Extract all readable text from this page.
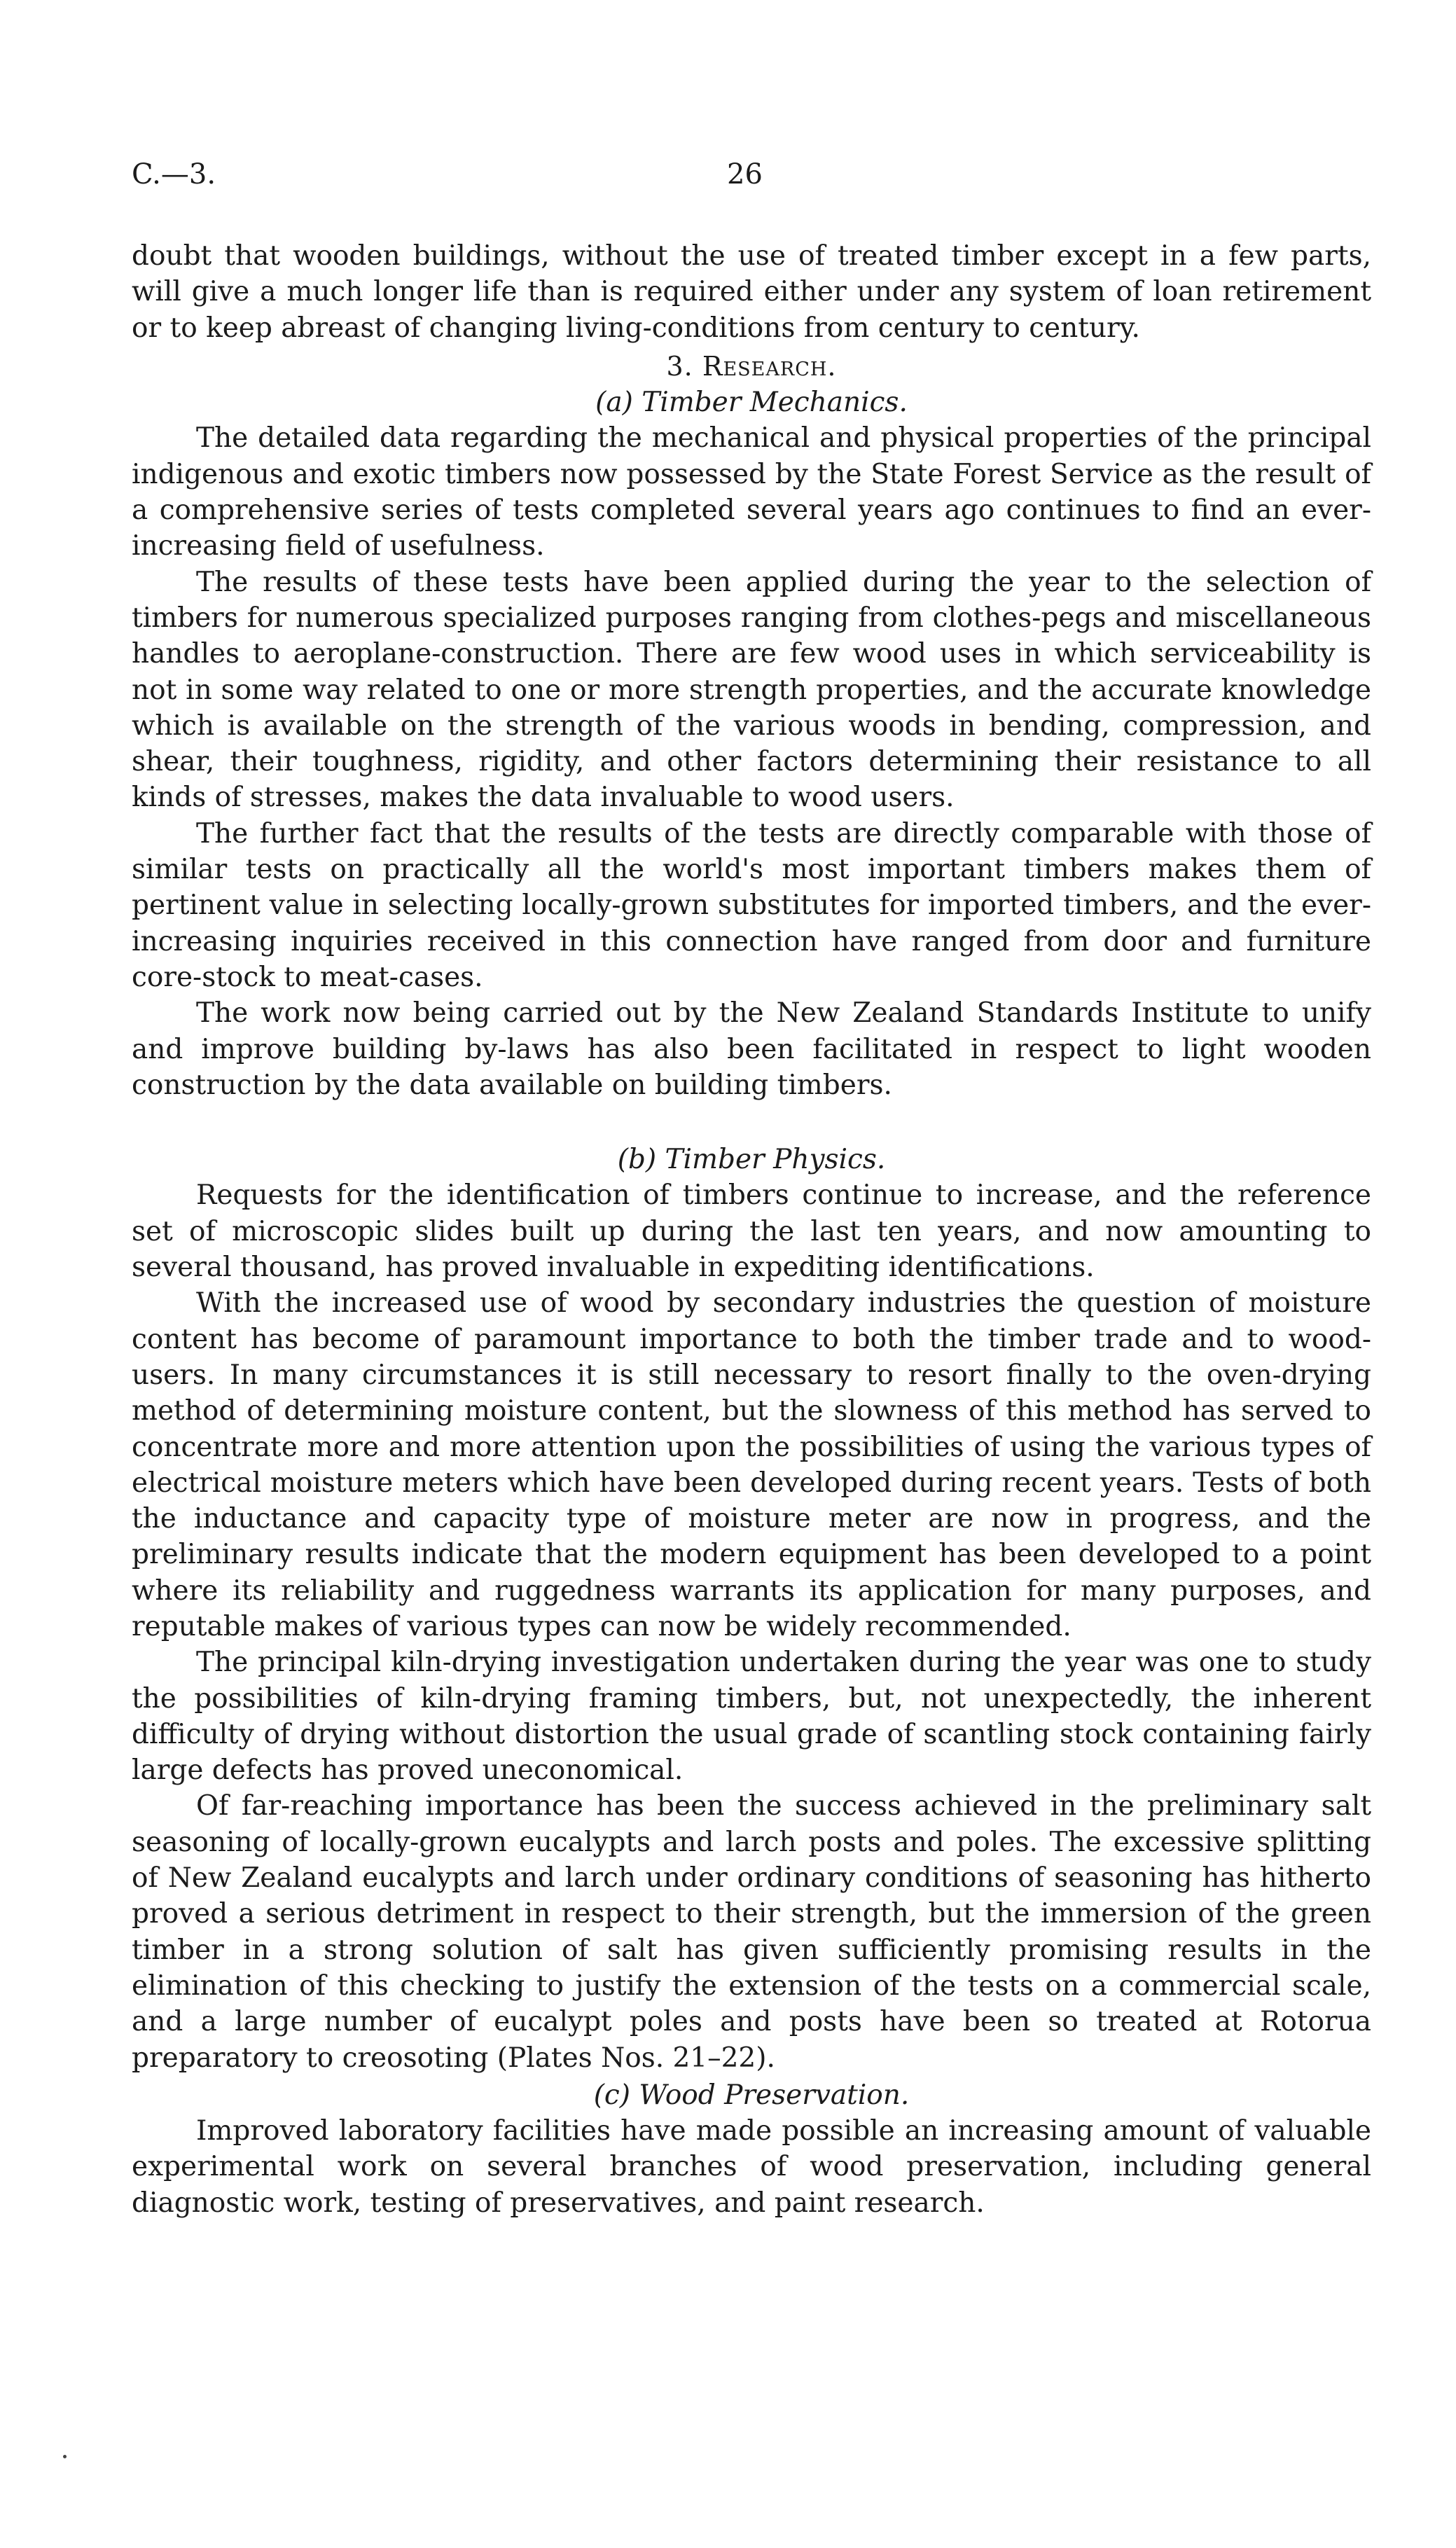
C.—3.	26

doubt that wooden buildings, without the use of treated timber except in a few parts, will give a much longer life than is required either under any system of loan retirement or to keep abreast of changing living-conditions from century to century.

3. Research.
(a) Timber Mechanics.

The detailed data regarding the mechanical and physical properties of the principal indigenous and exotic timbers now possessed by the State Forest Service as the result of a comprehensive series of tests completed several years ago continues to find an ever-increasing field of usefulness.

The results of these tests have been applied during the year to the selection of timbers for numerous specialized purposes ranging from clothes-pegs and miscellaneous handles to aeroplane-construction. There are few wood uses in which serviceability is not in some way related to one or more strength properties, and the accurate knowledge which is available on the strength of the various woods in bending, compression, and shear, their toughness, rigidity, and other factors determining their resistance to all kinds of stresses, makes the data invaluable to wood users.

The further fact that the results of the tests are directly comparable with those of similar tests on practically all the world's most important timbers makes them of pertinent value in selecting locally-grown substitutes for imported timbers, and the ever-increasing inquiries received in this connection have ranged from door and furniture core-stock to meat-cases.

The work now being carried out by the New Zealand Standards Institute to unify and improve building by-laws has also been facilitated in respect to light wooden construction by the data available on building timbers.

(b) Timber Physics.

Requests for the identification of timbers continue to increase, and the reference set of microscopic slides built up during the last ten years, and now amounting to several thousand, has proved invaluable in expediting identifications.

With the increased use of wood by secondary industries the question of moisture content has become of paramount importance to both the timber trade and to wood-users. In many circumstances it is still necessary to resort finally to the oven-drying method of determining moisture content, but the slowness of this method has served to concentrate more and more attention upon the possibilities of using the various types of electrical moisture meters which have been developed during recent years. Tests of both the inductance and capacity type of moisture meter are now in progress, and the preliminary results indicate that the modern equipment has been developed to a point where its reliability and ruggedness warrants its application for many purposes, and reputable makes of various types can now be widely recommended.

The principal kiln-drying investigation undertaken during the year was one to study the possibilities of kiln-drying framing timbers, but, not unexpectedly, the inherent difficulty of drying without distortion the usual grade of scantling stock containing fairly large defects has proved uneconomical.

Of far-reaching importance has been the success achieved in the preliminary salt seasoning of locally-grown eucalypts and larch posts and poles. The excessive splitting of New Zealand eucalypts and larch under ordinary conditions of seasoning has hitherto proved a serious detriment in respect to their strength, but the immersion of the green timber in a strong solution of salt has given sufficiently promising results in the elimination of this checking to justify the extension of the tests on a commercial scale, and a large number of eucalypt poles and posts have been so treated at Rotorua preparatory to creosoting (Plates Nos. 21–22).

(c) Wood Preservation.

Improved laboratory facilities have made possible an increasing amount of valuable experimental work on several branches of wood preservation, including general diagnostic work, testing of preservatives, and paint research.
